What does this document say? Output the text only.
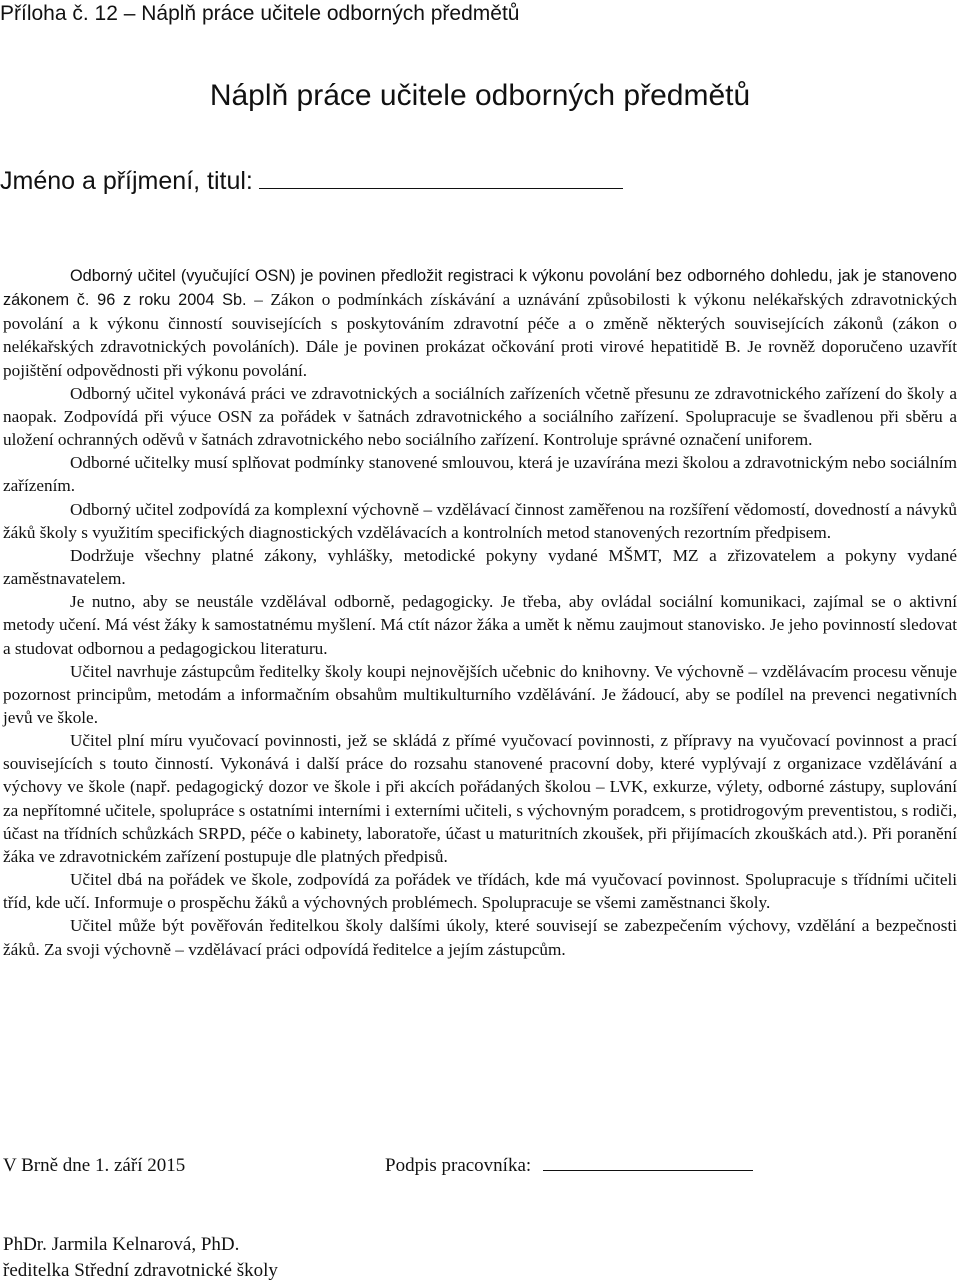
Příloha č. 12 – Náplň práce učitele odborných předmětů
Náplň práce učitele odborných předmětů
Jméno a příjmení, titul:

Odborný učitel (vyučující OSN) je povinen předložit registraci k výkonu povolání bez odborného dohledu, jak je stanoveno zákonem č. 96 z roku 2004 Sb. – Zákon o podmínkách získávání a uznávání způsobilosti k výkonu nelékařských zdravotnických povolání a k výkonu činností souvisejících s poskytováním zdravotní péče a o změně některých souvisejících zákonů (zákon o nelékařských zdravotnických povoláních). Dále je povinen prokázat očkování proti virové hepatitidě B. Je rovněž doporučeno uzavřít pojištění odpovědnosti při výkonu povolání.

Odborný učitel vykonává práci ve zdravotnických a sociálních zařízeních včetně přesunu ze zdravotnického zařízení do školy a naopak. Zodpovídá při výuce OSN za pořádek v šatnách zdravotnického a sociálního zařízení. Spolupracuje se švadlenou při sběru a uložení ochranných oděvů v šatnách zdravotnického nebo sociálního zařízení. Kontroluje správné označení uniforem.

Odborné učitelky musí splňovat podmínky stanovené smlouvou, která je uzavírána mezi školou a zdravotnickým nebo sociálním zařízením.

Odborný učitel zodpovídá za komplexní výchovně – vzdělávací činnost zaměřenou na rozšíření vědomostí, dovedností a návyků žáků školy s využitím specifických diagnostických vzdělávacích a kontrolních metod stanovených rezortním předpisem.

Dodržuje všechny platné zákony, vyhlášky, metodické pokyny vydané MŠMT, MZ a zřizovatelem a pokyny vydané zaměstnavatelem.

Je nutno, aby se neustále vzdělával odborně, pedagogicky. Je třeba, aby ovládal sociální komunikaci, zajímal se o aktivní metody učení. Má vést žáky k samostatnému myšlení. Má ctít názor žáka a umět k němu zaujmout stanovisko. Je jeho povinností sledovat a studovat odbornou a pedagogickou literaturu.

Učitel navrhuje zástupcům ředitelky školy koupi nejnovějších učebnic do knihovny. Ve výchovně – vzdělávacím procesu věnuje pozornost principům, metodám a informačním obsahům multikulturního vzdělávání. Je žádoucí, aby se podílel na prevenci negativních jevů ve škole.

Učitel plní míru vyučovací povinnosti, jež se skládá z přímé vyučovací povinnosti, z přípravy na vyučovací povinnost a prací souvisejících s touto činností. Vykonává i další práce do rozsahu stanovené pracovní doby, které vyplývají z organizace vzdělávání a výchovy ve škole (např. pedagogický dozor ve škole i při akcích pořádaných školou – LVK, exkurze, výlety, odborné zástupy, suplování za nepřítomné učitele, spolupráce s ostatními interními i externími učiteli, s výchovným poradcem, s protidrogovým preventistou, s rodiči, účast na třídních schůzkách SRPD, péče o kabinety, laboratoře, účast u maturitních zkoušek, při přijímacích zkouškách atd.). Při poranění žáka ve zdravotnickém zařízení postupuje dle platných předpisů.

Učitel dbá na pořádek ve škole, zodpovídá za pořádek ve třídách, kde má vyučovací povinnost. Spolupracuje s třídními učiteli tříd, kde učí. Informuje o prospěchu žáků a výchovných problémech. Spolupracuje se všemi zaměstnanci školy.

Učitel může být pověřován ředitelkou školy dalšími úkoly, které souvisejí se zabezpečením výchovy, vzdělání a bezpečnosti žáků. Za svoji výchovně – vzdělávací práci odpovídá ředitelce a jejím zástupcům.

V Brně dne 1. září 2015	Podpis pracovníka:
PhDr. Jarmila Kelnarová, PhD.
ředitelka Střední zdravotnické školy
